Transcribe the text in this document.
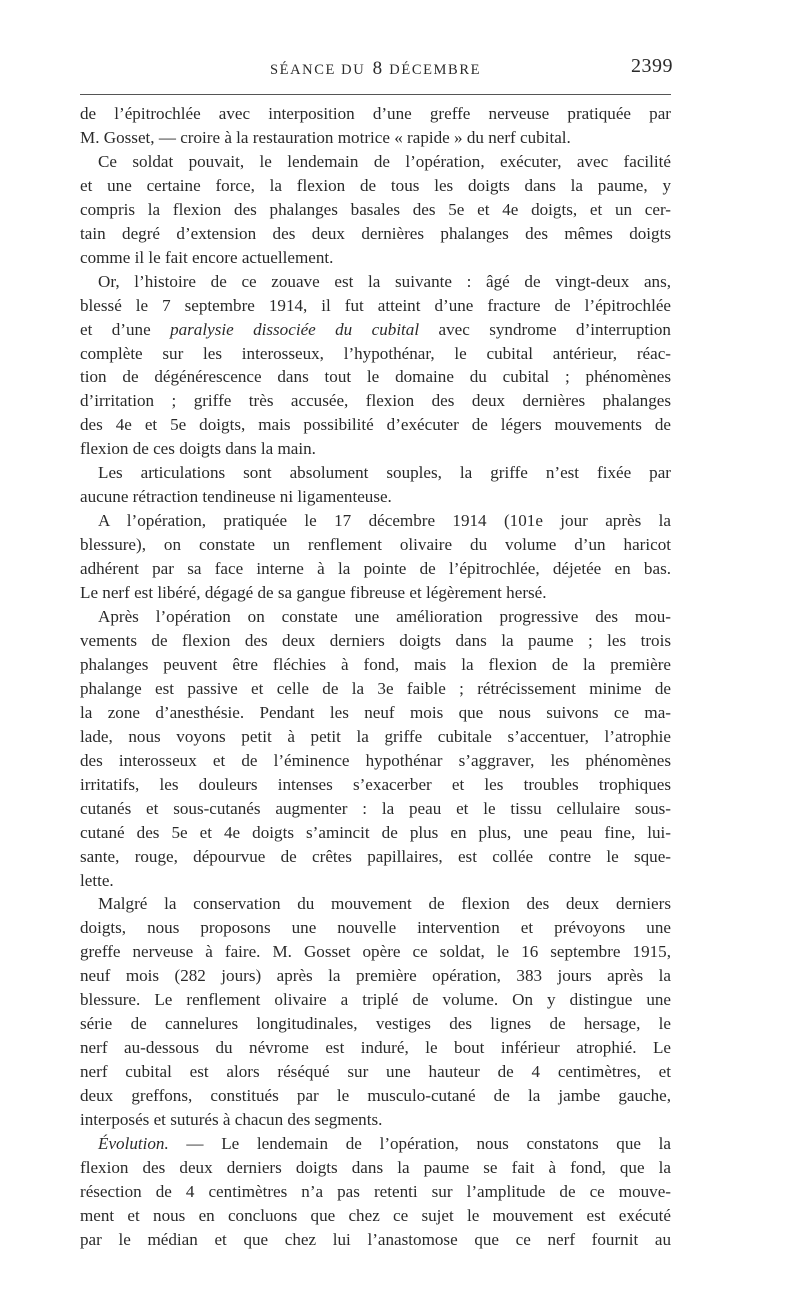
SÉANCE DU 8 DÉCEMBRE	2399

de l’épitrochlée avec interposition d’une greffe nerveuse pratiquée par

M. Gosset, — croire à la restauration motrice « rapide » du nerf cubital.

Ce soldat pouvait, le lendemain de l’opération, exécuter, avec facilité

et une certaine force, la flexion de tous les doigts dans la paume, y

compris la flexion des phalanges basales des 5e et 4e doigts, et un cer-

tain degré d’extension des deux dernières phalanges des mêmes doigts

comme il le fait encore actuellement.

Or, l’histoire de ce zouave est la suivante : âgé de vingt-deux ans,

blessé le 7 septembre 1914, il fut atteint d’une fracture de l’épitrochlée

et d’une paralysie dissociée du cubital avec syndrome d’interruption

complète sur les interosseux, l’hypothénar, le cubital antérieur, réac-

tion de dégénérescence dans tout le domaine du cubital ; phénomènes

d’irritation ; griffe très accusée, flexion des deux dernières phalanges

des 4e et 5e doigts, mais possibilité d’exécuter de légers mouvements de

flexion de ces doigts dans la main.

Les articulations sont absolument souples, la griffe n’est fixée par

aucune rétraction tendineuse ni ligamenteuse.

A l’opération, pratiquée le 17 décembre 1914 (101e jour après la

blessure), on constate un renflement olivaire du volume d’un haricot

adhérent par sa face interne à la pointe de l’épitrochlée, déjetée en bas.

Le nerf est libéré, dégagé de sa gangue fibreuse et légèrement hersé.

Après l’opération on constate une amélioration progressive des mou-

vements de flexion des deux derniers doigts dans la paume ; les trois

phalanges peuvent être fléchies à fond, mais la flexion de la première

phalange est passive et celle de la 3e faible ; rétrécissement minime de

la zone d’anesthésie. Pendant les neuf mois que nous suivons ce ma-

lade, nous voyons petit à petit la griffe cubitale s’accentuer, l’atrophie

des interosseux et de l’éminence hypothénar s’aggraver, les phénomènes

irritatifs, les douleurs intenses s’exacerber et les troubles trophiques

cutanés et sous-cutanés augmenter : la peau et le tissu cellulaire sous-

cutané des 5e et 4e doigts s’amincit de plus en plus, une peau fine, lui-

sante, rouge, dépourvue de crêtes papillaires, est collée contre le sque-

lette.

Malgré la conservation du mouvement de flexion des deux derniers

doigts, nous proposons une nouvelle intervention et prévoyons une

greffe nerveuse à faire. M. Gosset opère ce soldat, le 16 septembre 1915,

neuf mois (282 jours) après la première opération, 383 jours après la

blessure. Le renflement olivaire a triplé de volume. On y distingue une

série de cannelures longitudinales, vestiges des lignes de hersage, le

nerf au-dessous du névrome est induré, le bout inférieur atrophié. Le

nerf cubital est alors réséqué sur une hauteur de 4 centimètres, et

deux greffons, constitués par le musculo-cutané de la jambe gauche,

interposés et suturés à chacun des segments.

Évolution. — Le lendemain de l’opération, nous constatons que la

flexion des deux derniers doigts dans la paume se fait à fond, que la

résection de 4 centimètres n’a pas retenti sur l’amplitude de ce mouve-

ment et nous en concluons que chez ce sujet le mouvement est exécuté

par le médian et que chez lui l’anastomose que ce nerf fournit au
